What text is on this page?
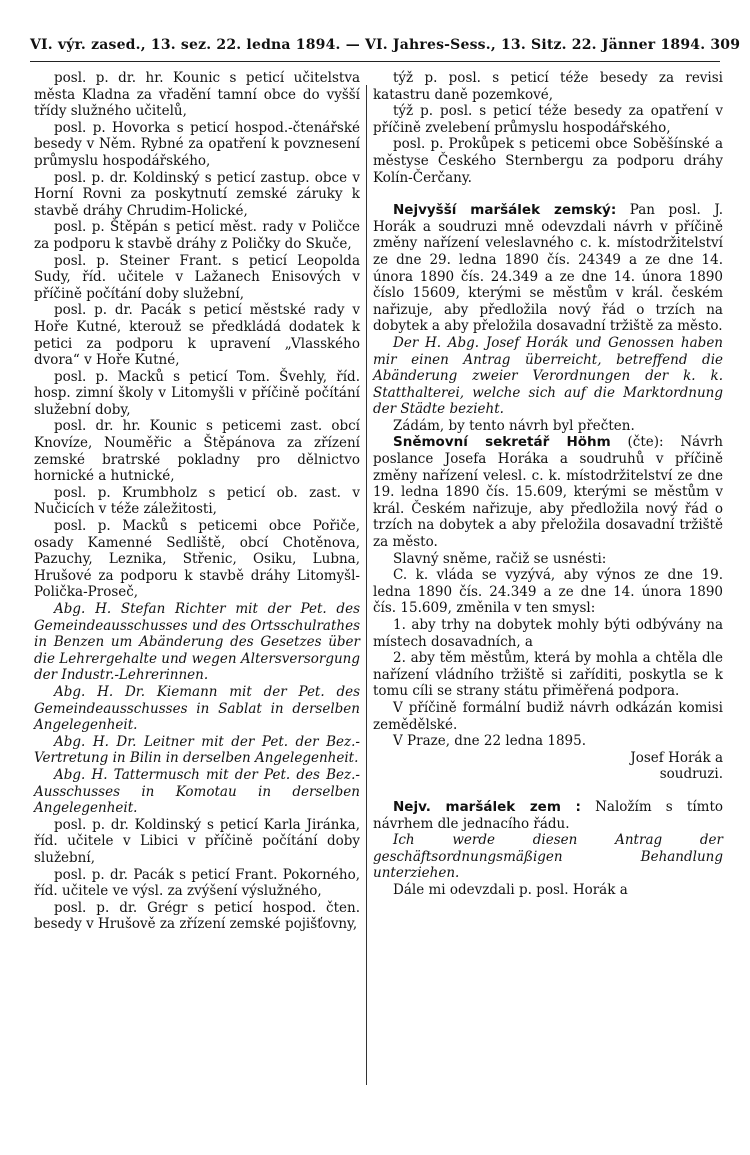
VI. výr. zased., 13. sez. 22. ledna 1894. — VI. Jahres-Sess., 13. Sitz. 22. Jänner 1894. 309

posl. p. dr. hr. Kounic s peticí učitelstva města Kladna za vřadění tamní obce do vyšší třídy služného učitelů,

posl. p. Hovorka s peticí hospod.-čtenářské besedy v Něm. Rybné za opatření k povznesení průmyslu hospodářského,

posl. p. dr. Koldinský s peticí zastup. obce v Horní Rovni za poskytnutí zemské záruky k stavbě dráhy Chrudim-Holické,

posl. p. Štěpán s peticí měst. rady v Poličce za podporu k stavbě dráhy z Poličky do Skuče,

posl. p. Steiner Frant. s peticí Leopolda Sudy, říd. učitele v Lažanech Enisových v příčině počítání doby služební,

posl. p. dr. Pacák s peticí městské rady v Hoře Kutné, kterouž se předkládá dodatek k petici za podporu k upravení „Vlasského dvora“ v Hoře Kutné,

posl. p. Macků s peticí Tom. Švehly, říd. hosp. zimní školy v Litomyšli v příčině počítání služební doby,

posl. dr. hr. Kounic s peticemi zast. obcí Knovíze, Nouměřic a Štěpánova za zřízení zemské bratrské pokladny pro dělnictvo hornické a hutnické,

posl. p. Krumbholz s peticí ob. zast. v Nučicích v téže záležitosti,

posl. p. Macků s peticemi obce Pořiče, osady Kamenné Sedliště, obcí Chotěnova, Pazuchy, Leznika, Střenic, Osiku, Lubna, Hrušové za podporu k stavbě dráhy Litomyšl-Polička-Proseč,

Abg. H. Stefan Richter mit der Pet. des Gemeindeausschusses und des Ortsschulrathes in Benzen um Abänderung des Gesetzes über die Lehrergehalte und wegen Altersversorgung der Industr.-Lehrerinnen.

Abg. H. Dr. Kiemann mit der Pet. des Gemeindeausschusses in Sablat in derselben Angelegenheit.

Abg. H. Dr. Leitner mit der Pet. der Bez.-Vertretung in Bilin in derselben Angelegenheit.

Abg. H. Tattermusch mit der Pet. des Bez.-Ausschusses in Komotau in derselben Angelegenheit.

posl. p. dr. Koldinský s peticí Karla Jiránka, říd. učitele v Libici v příčině počítání doby služební,

posl. p. dr. Pacák s peticí Frant. Pokorného, říd. učitele ve výsl. za zvýšení výslužného,

posl. p. dr. Grégr s peticí hospod. čten. besedy v Hrušově za zřízení zemské pojišťovny,

týž p. posl. s peticí téže besedy za revisi katastru daně pozemkové,

týž p. posl. s peticí téže besedy za opatření v příčině zvelebení průmyslu hospodářského,

posl. p. Prokůpek s peticemi obce Soběšínské a městyse Českého Sternbergu za podporu dráhy Kolín-Čerčany.

Nejvyšší maršálek zemský: Pan posl. J. Horák a soudruzi mně odevzdali návrh v příčině změny nařízení veleslavného c. k. místodržitelství ze dne 29. ledna 1890 čís. 24349 a ze dne 14. února 1890 čís. 24.349 a ze dne 14. února 1890 číslo 15609, kterými se městům v král. českém nařizuje, aby předložila nový řád o trzích na dobytek a aby přeložila dosavadní tržiště za město.

Der H. Abg. Josef Horák und Genossen haben mir einen Antrag überreicht, betreffend die Abänderung zweier Verordnungen der k. k. Statthalterei, welche sich auf die Marktordnung der Städte bezieht.

Zádám, by tento návrh byl přečten.

Sněmovní sekretář Höhm (čte): Návrh poslance Josefa Horáka a soudruhů v příčině změny nařízení velesl. c. k. místodržitelství ze dne 19. ledna 1890 čís. 15.609, kterými se městům v král. Českém nařizuje, aby předložila nový řád o trzích na dobytek a aby přeložila dosavadní tržiště za město.

Slavný sněme, račiž se usnésti:

C. k. vláda se vyzývá, aby výnos ze dne 19. ledna 1890 čís. 24.349 a ze dne 14. února 1890 čís. 15.609, změnila v ten smysl:

1. aby trhy na dobytek mohly býti odbývány na místech dosavadních, a

2. aby těm městům, která by mohla a chtěla dle nařízení vládního tržiště si zaříditi, poskytla se k tomu cíli se strany státu přiměřená podpora.

V příčině formální budiž návrh odkázán komisi zemědělské.

V Praze, dne 22 ledna 1895.

Josef Horák a

soudruzi.

Nejv. maršálek zem : Naložím s tímto návrhem dle jednacího řádu.

Ich werde diesen Antrag der geschäftsordnungsmäßigen Behandlung unterziehen.

Dále mi odevzdali p. posl. Horák a
